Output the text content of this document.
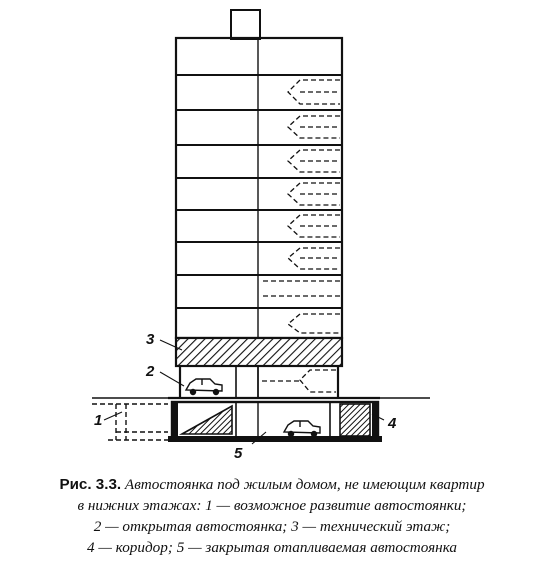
3
2
1	4
5
Рис. 3.3. Автостоянка под жилым домом, не имеющим квартир
в нижних этажах: 1 — возможное развитие автостоянки;
2 — открытая автостоянка; 3 — технический этаж;
4 — коридор; 5 — закрытая отапливаемая автостоянка
